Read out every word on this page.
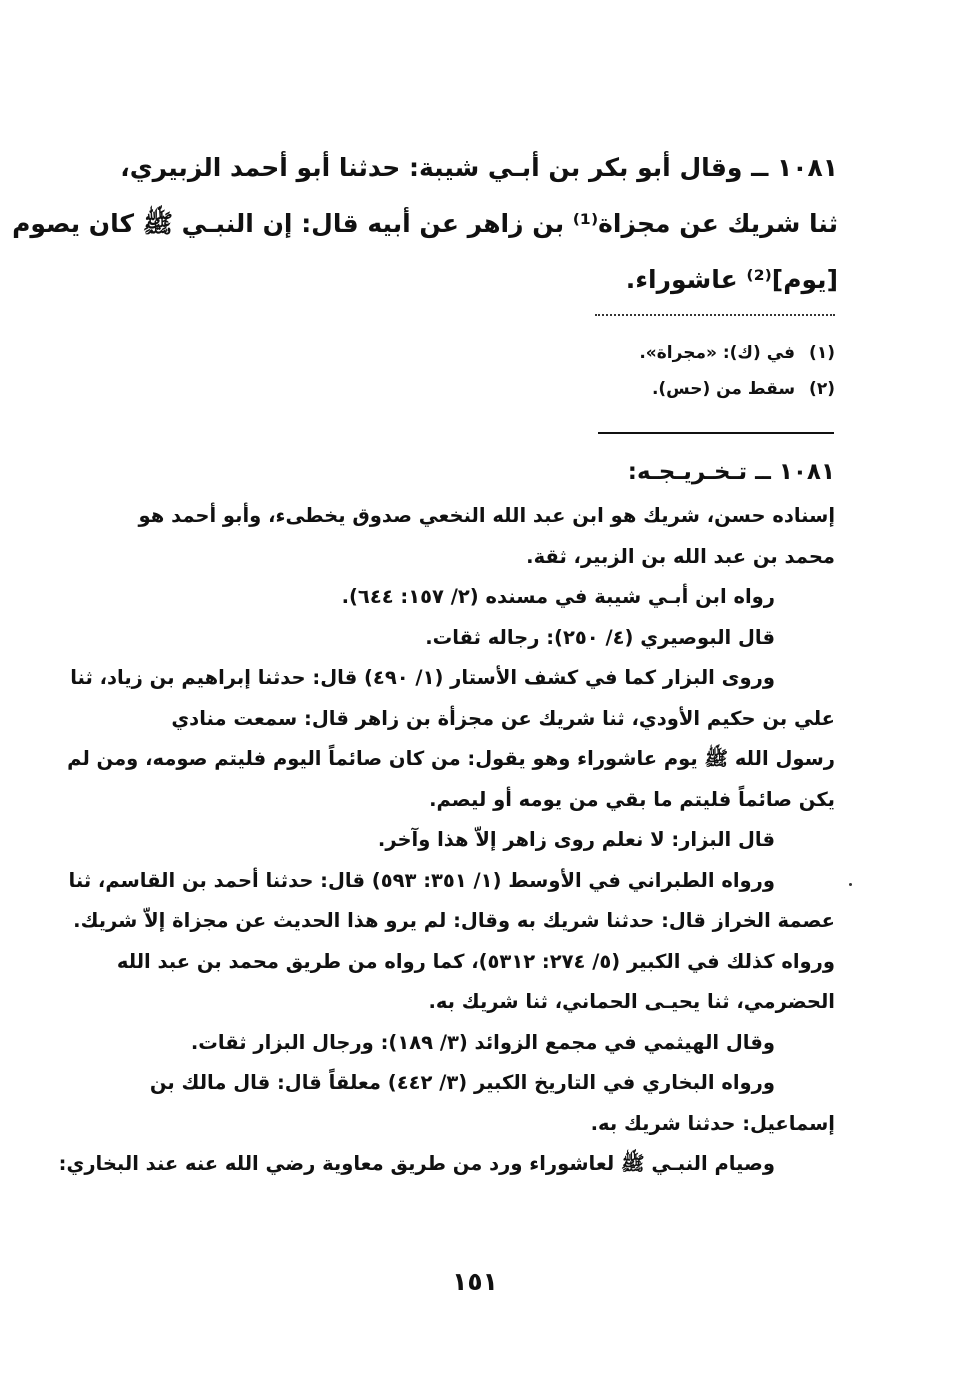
١٠٨١ ــ وقال أبو بكر بن أبـي شيبة: حدثنا أبو أحمد الزبيري،
ثنا شريك عن مجزاة⁽¹⁾ بن زاهر عن أبيه قال: إن النبـي ﷺ كان يصوم
[يوم]⁽²⁾ عاشوراء.
(١)في (ك): «مجراة».
(٢)سقط من (حس).
١٠٨١ ــ تـخـريـجـه:
إسناده حسن، شريك هو ابن عبد الله النخعي صدوق يخطىء، وأبو أحمد هو
محمد بن عبد الله بن الزبير، ثقة.
رواه ابن أبـي شيبة في مسنده (٢/ ١٥٧: ٦٤٤).
قال البوصيري (٤/ ٢٥٠): رجاله ثقات.
وروى البزار كما في كشف الأستار (١/ ٤٩٠) قال: حدثنا إبراهيم بن زياد، ثنا
علي بن حكيم الأودي، ثنا شريك عن مجزأة بن زاهر قال: سمعت منادي
رسول الله ﷺ يوم عاشوراء وهو يقول: من كان صائماً اليوم فليتم صومه، ومن لم
يكن صائماً فليتم ما بقي من يومه أو ليصم.
قال البزار: لا نعلم روى زاهر إلاّ هذا وآخر.
ورواه الطبراني في الأوسط (١/ ٣٥١: ٥٩٣) قال: حدثنا أحمد بن القاسم، ثنا
عصمة الخراز قال: حدثنا شريك به وقال: لم يرو هذا الحديث عن مجزاة إلاّ شريك.
ورواه كذلك في الكبير (٥/ ٢٧٤: ٥٣١٢)، كما رواه من طريق محمد بن عبد الله
الحضرمي، ثنا يحيـى الحماني، ثنا شريك به.
وقال الهيثمي في مجمع الزوائد (٣/ ١٨٩): ورجال البزار ثقات.
ورواه البخاري في التاريخ الكبير (٣/ ٤٤٢) معلقاً قال: قال مالك بن
إسماعيل: حدثنا شريك به.
وصيام النبـي ﷺ لعاشوراء ورد من طريق معاوية رضي الله عنه عند البخاري:
١٥١
